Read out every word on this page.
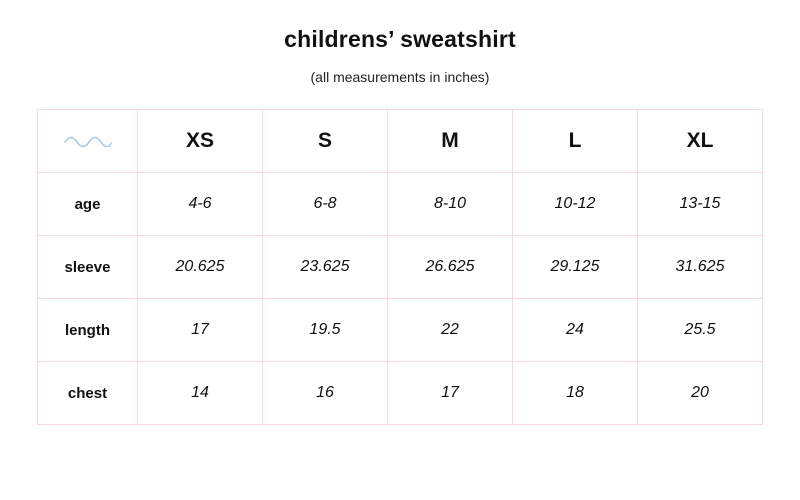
childrens’ sweatshirt
(all measurements in inches)
	XS	S	M	L	XL
age	4-6	6-8	8-10	10-12	13-15
sleeve	20.625	23.625	26.625	29.125	31.625
length	17	19.5	22	24	25.5
chest	14	16	17	18	20
